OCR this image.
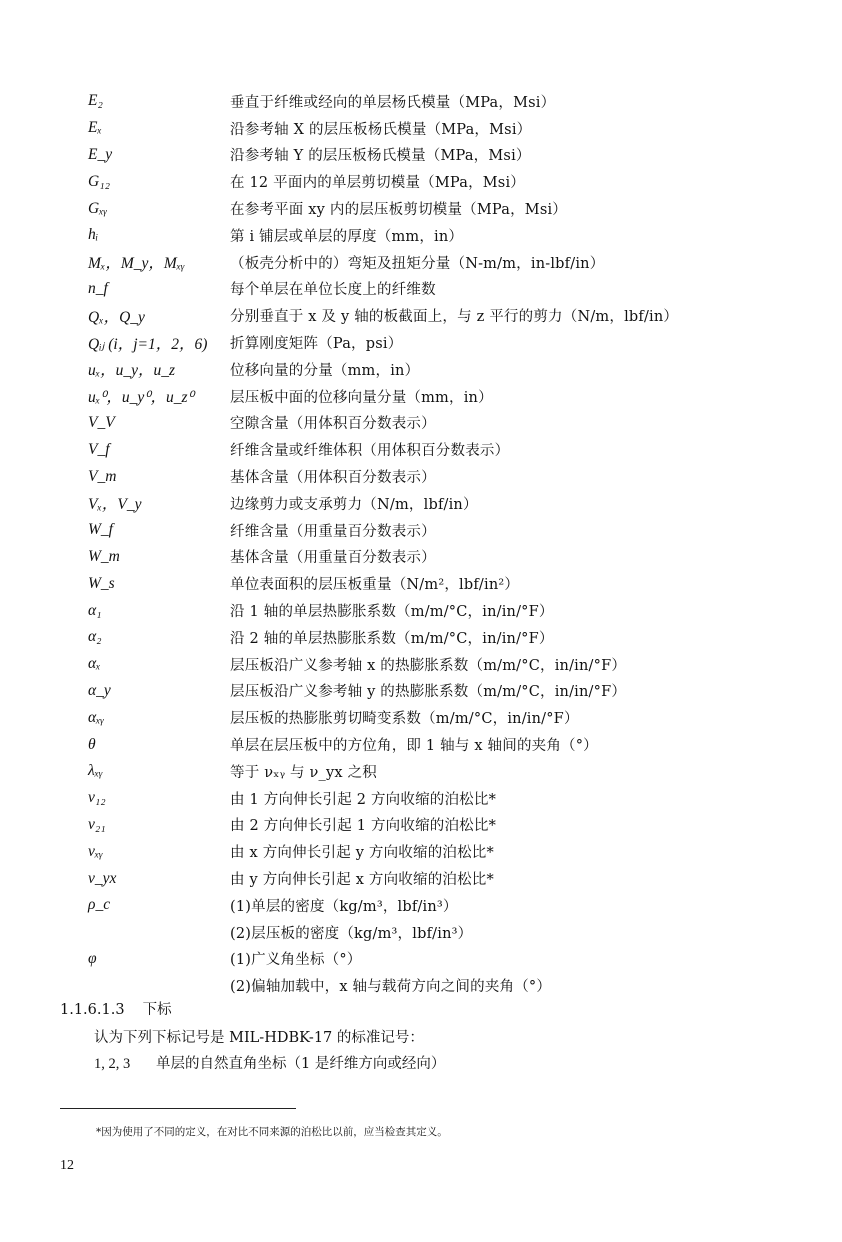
E₂	垂直于纤维或经向的单层杨氏模量（MPa，Msi）
Eₓ	沿参考轴 X 的层压板杨氏模量（MPa，Msi）
E_y	沿参考轴 Y 的层压板杨氏模量（MPa，Msi）
G₁₂	在 12 平面内的单层剪切模量（MPa，Msi）
Gₓᵧ	在参考平面 xy 内的层压板剪切模量（MPa，Msi）
hᵢ	第 i 铺层或单层的厚度（mm，in）
Mₓ，M_y，Mₓᵧ	（板壳分析中的）弯矩及扭矩分量（N-m/m，in-lbf/in）
n_f	每个单层在单位长度上的纤维数
Qₓ，Q_y	分别垂直于 x 及 y 轴的板截面上，与 z 平行的剪力（N/m，lbf/in）
Qᵢⱼ (i，j=1，2，6)	折算刚度矩阵（Pa，psi）
uₓ，u_y，u_z	位移向量的分量（mm，in）
uₓ⁰，u_y⁰，u_z⁰	层压板中面的位移向量分量（mm，in）
V_V	空隙含量（用体积百分数表示）
V_f	纤维含量或纤维体积（用体积百分数表示）
V_m	基体含量（用体积百分数表示）
Vₓ，V_y	边缘剪力或支承剪力（N/m，lbf/in）
W_f	纤维含量（用重量百分数表示）
W_m	基体含量（用重量百分数表示）
W_s	单位表面积的层压板重量（N/m²，lbf/in²）
α₁	沿 1 轴的单层热膨胀系数（m/m/°C，in/in/°F）
α₂	沿 2 轴的单层热膨胀系数（m/m/°C，in/in/°F）
αₓ	层压板沿广义参考轴 x 的热膨胀系数（m/m/°C，in/in/°F）
α_y	层压板沿广义参考轴 y 的热膨胀系数（m/m/°C，in/in/°F）
αₓᵧ	层压板的热膨胀剪切畸变系数（m/m/°C，in/in/°F）
θ	单层在层压板中的方位角，即 1 轴与 x 轴间的夹角（°）
λₓᵧ	等于 νₓᵧ 与 ν_yx 之积
ν₁₂	由 1 方向伸长引起 2 方向收缩的泊松比*
ν₂₁	由 2 方向伸长引起 1 方向收缩的泊松比*
νₓᵧ	由 x 方向伸长引起 y 方向收缩的泊松比*
ν_yx	由 y 方向伸长引起 x 方向收缩的泊松比*
ρ_c	(1)单层的密度（kg/m³，lbf/in³）
(2)层压板的密度（kg/m³，lbf/in³）
φ	(1)广义角坐标（°）
(2)偏轴加载中，x 轴与载荷方向之间的夹角（°）
1.1.6.1.3 下标
认为下列下标记号是 MIL-HDBK-17 的标准记号：
1, 2, 3 单层的自然直角坐标（1 是纤维方向或经向）
*因为使用了不同的定义，在对比不同来源的泊松比以前，应当检查其定义。
12
